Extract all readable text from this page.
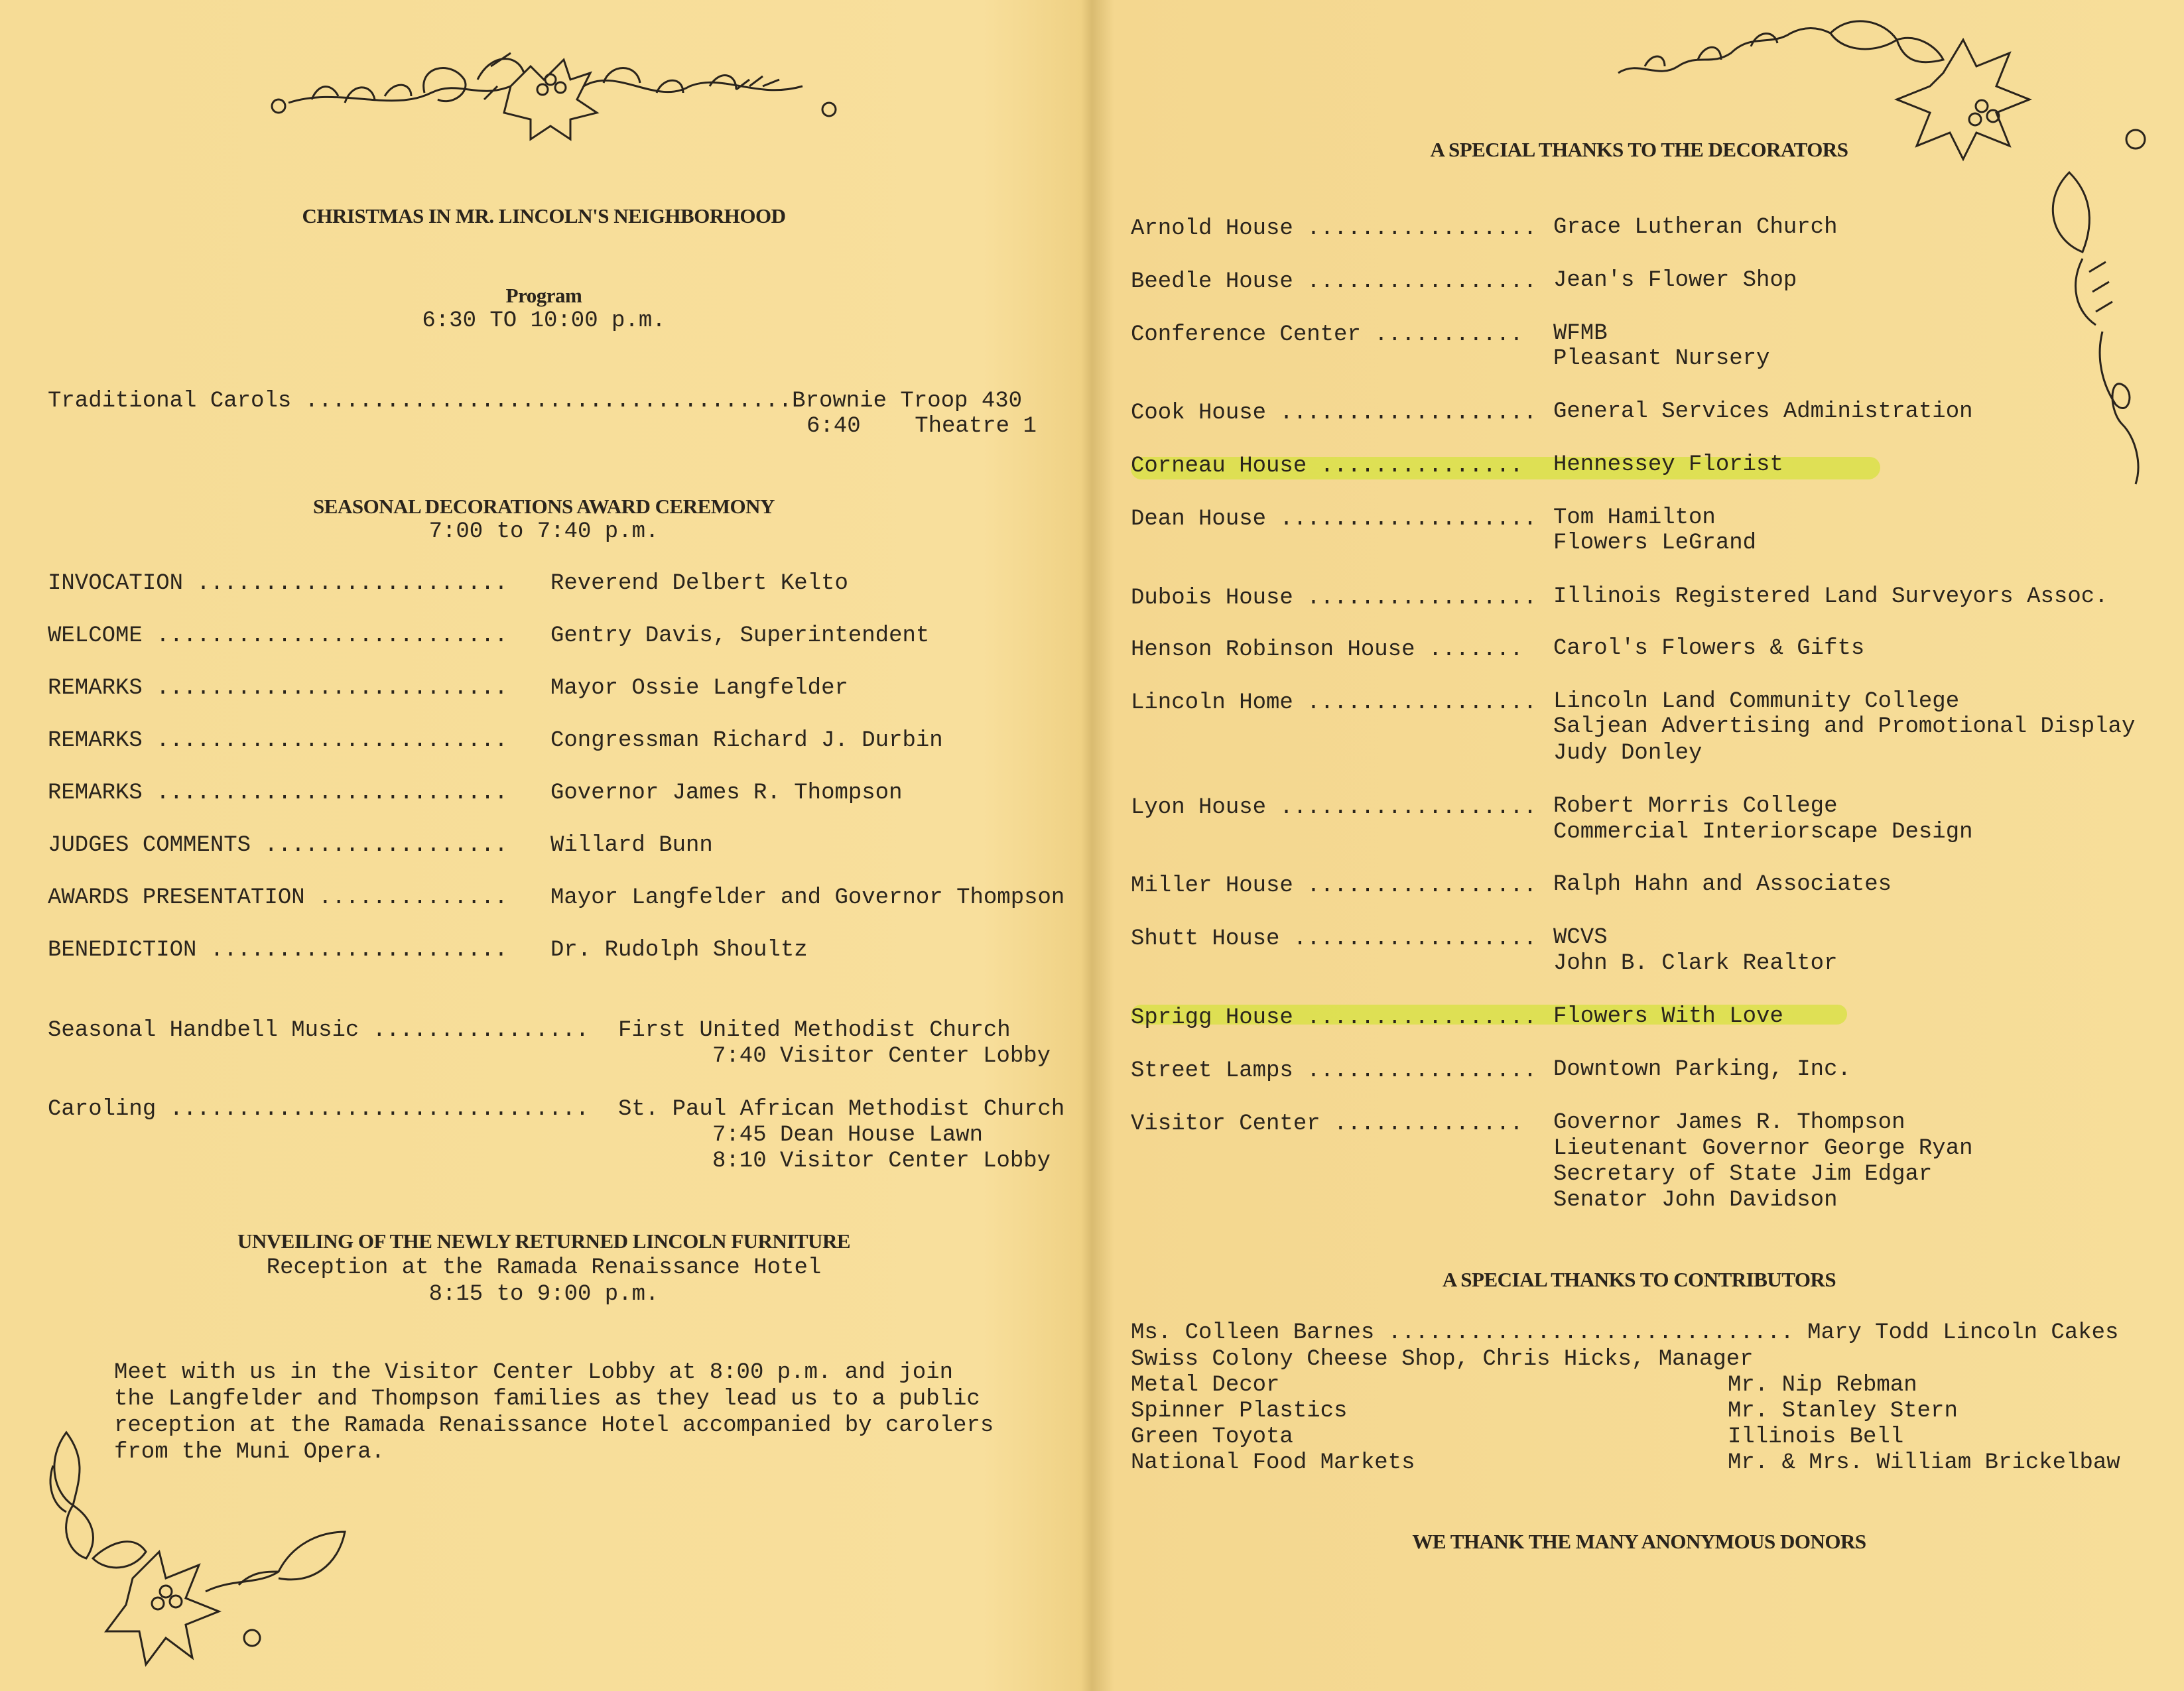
CHRISTMAS IN MR. LINCOLN'S NEIGHBORHOOD
Program
6:30 TO 10:00 p.m.
Traditional Carols ....................................Brownie Troop 430
6:40    Theatre 1
SEASONAL DECORATIONS AWARD CEREMONY
7:00 to 7:40 p.m.
INVOCATION ....................... Reverend Delbert Kelto
WELCOME .......................... Gentry Davis, Superintendent
REMARKS .......................... Mayor Ossie Langfelder
REMARKS .......................... Congressman Richard J. Durbin
REMARKS .......................... Governor James R. Thompson
JUDGES COMMENTS .................. Willard Bunn
AWARDS PRESENTATION .............. Mayor Langfelder and Governor Thompson
BENEDICTION ...................... Dr. Rudolph Shoultz
Seasonal Handbell Music ................ First United Methodist Church
7:40 Visitor Center Lobby
Caroling ............................... St. Paul African Methodist Church
7:45 Dean House Lawn
8:10 Visitor Center Lobby
UNVEILING OF THE NEWLY RETURNED LINCOLN FURNITURE
Reception at the Ramada Renaissance Hotel
8:15 to 9:00 p.m.
Meet with us in the Visitor Center Lobby at 8:00 p.m. and join
the Langfelder and Thompson families as they lead us to a public
reception at the Ramada Renaissance Hotel accompanied by carolers
from the Muni Opera.
A SPECIAL THANKS TO THE DECORATORS
Arnold House ................. Grace Lutheran Church
Beedle House ................. Jean's Flower Shop
Conference Center ........... WFMB
Pleasant Nursery
Cook House ................... General Services Administration
Corneau House ............... Hennessey Florist
Dean House ................... Tom Hamilton
Flowers LeGrand
Dubois House ................. Illinois Registered Land Surveyors Assoc.
Henson Robinson House ....... Carol's Flowers & Gifts
Lincoln Home ................. Lincoln Land Community College
Saljean Advertising and Promotional Display
Judy Donley
Lyon House ................... Robert Morris College
Commercial Interiorscape Design
Miller House ................. Ralph Hahn and Associates
Shutt House .................. WCVS
John B. Clark Realtor
Sprigg House ................. Flowers With Love
Street Lamps ................. Downtown Parking, Inc.
Visitor Center .............. Governor James R. Thompson
Lieutenant Governor George Ryan
Secretary of State Jim Edgar
Senator John Davidson
A SPECIAL THANKS TO CONTRIBUTORS
Ms. Colleen Barnes .............................. Mary Todd Lincoln Cakes
Swiss Colony Cheese Shop, Chris Hicks, Manager
Metal Decor
Spinner Plastics
Green Toyota
National Food Markets
Mr. Nip Rebman
Mr. Stanley Stern
Illinois Bell
Mr. & Mrs. William Brickelbaw
WE THANK THE MANY ANONYMOUS DONORS
